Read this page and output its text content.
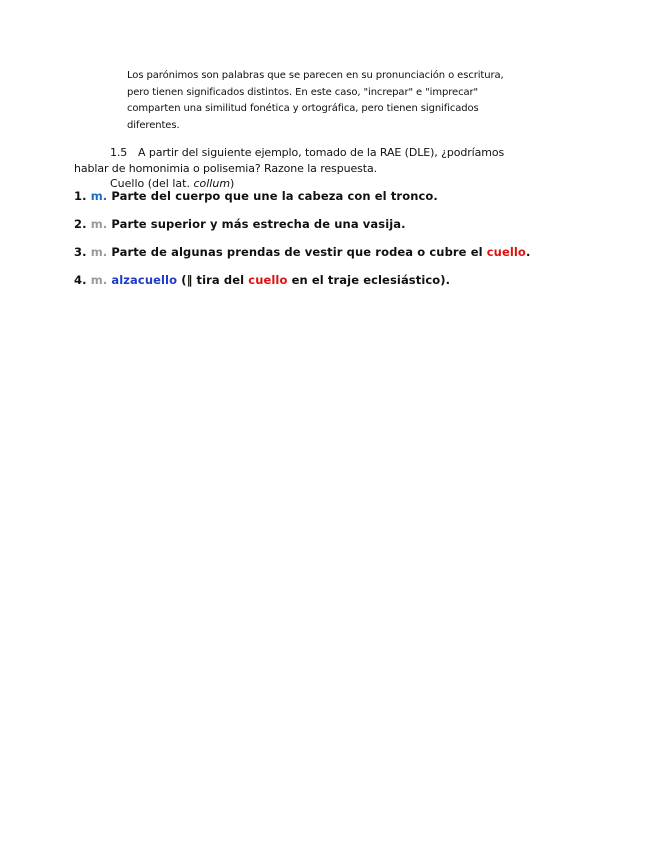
Los parónimos son palabras que se parecen en su pronunciación o escritura,

pero tienen significados distintos. En este caso, "increpar" e "imprecar"

comparten una similitud fonética y ortográfica, pero tienen significados

diferentes.

1.5 A partir del siguiente ejemplo, tomado de la RAE (DLE), ¿podríamos
hablar de homonimia o polisemia? Razone la respuesta.
Cuello (del lat. collum)
1. m. Parte del cuerpo que une la cabeza con el tronco.
2. m. Parte superior y más estrecha de una vasija.
3. m. Parte de algunas prendas de vestir que rodea o cubre el cuello.
4. m. alzacuello (‖ tira del cuello en el traje eclesiástico).
